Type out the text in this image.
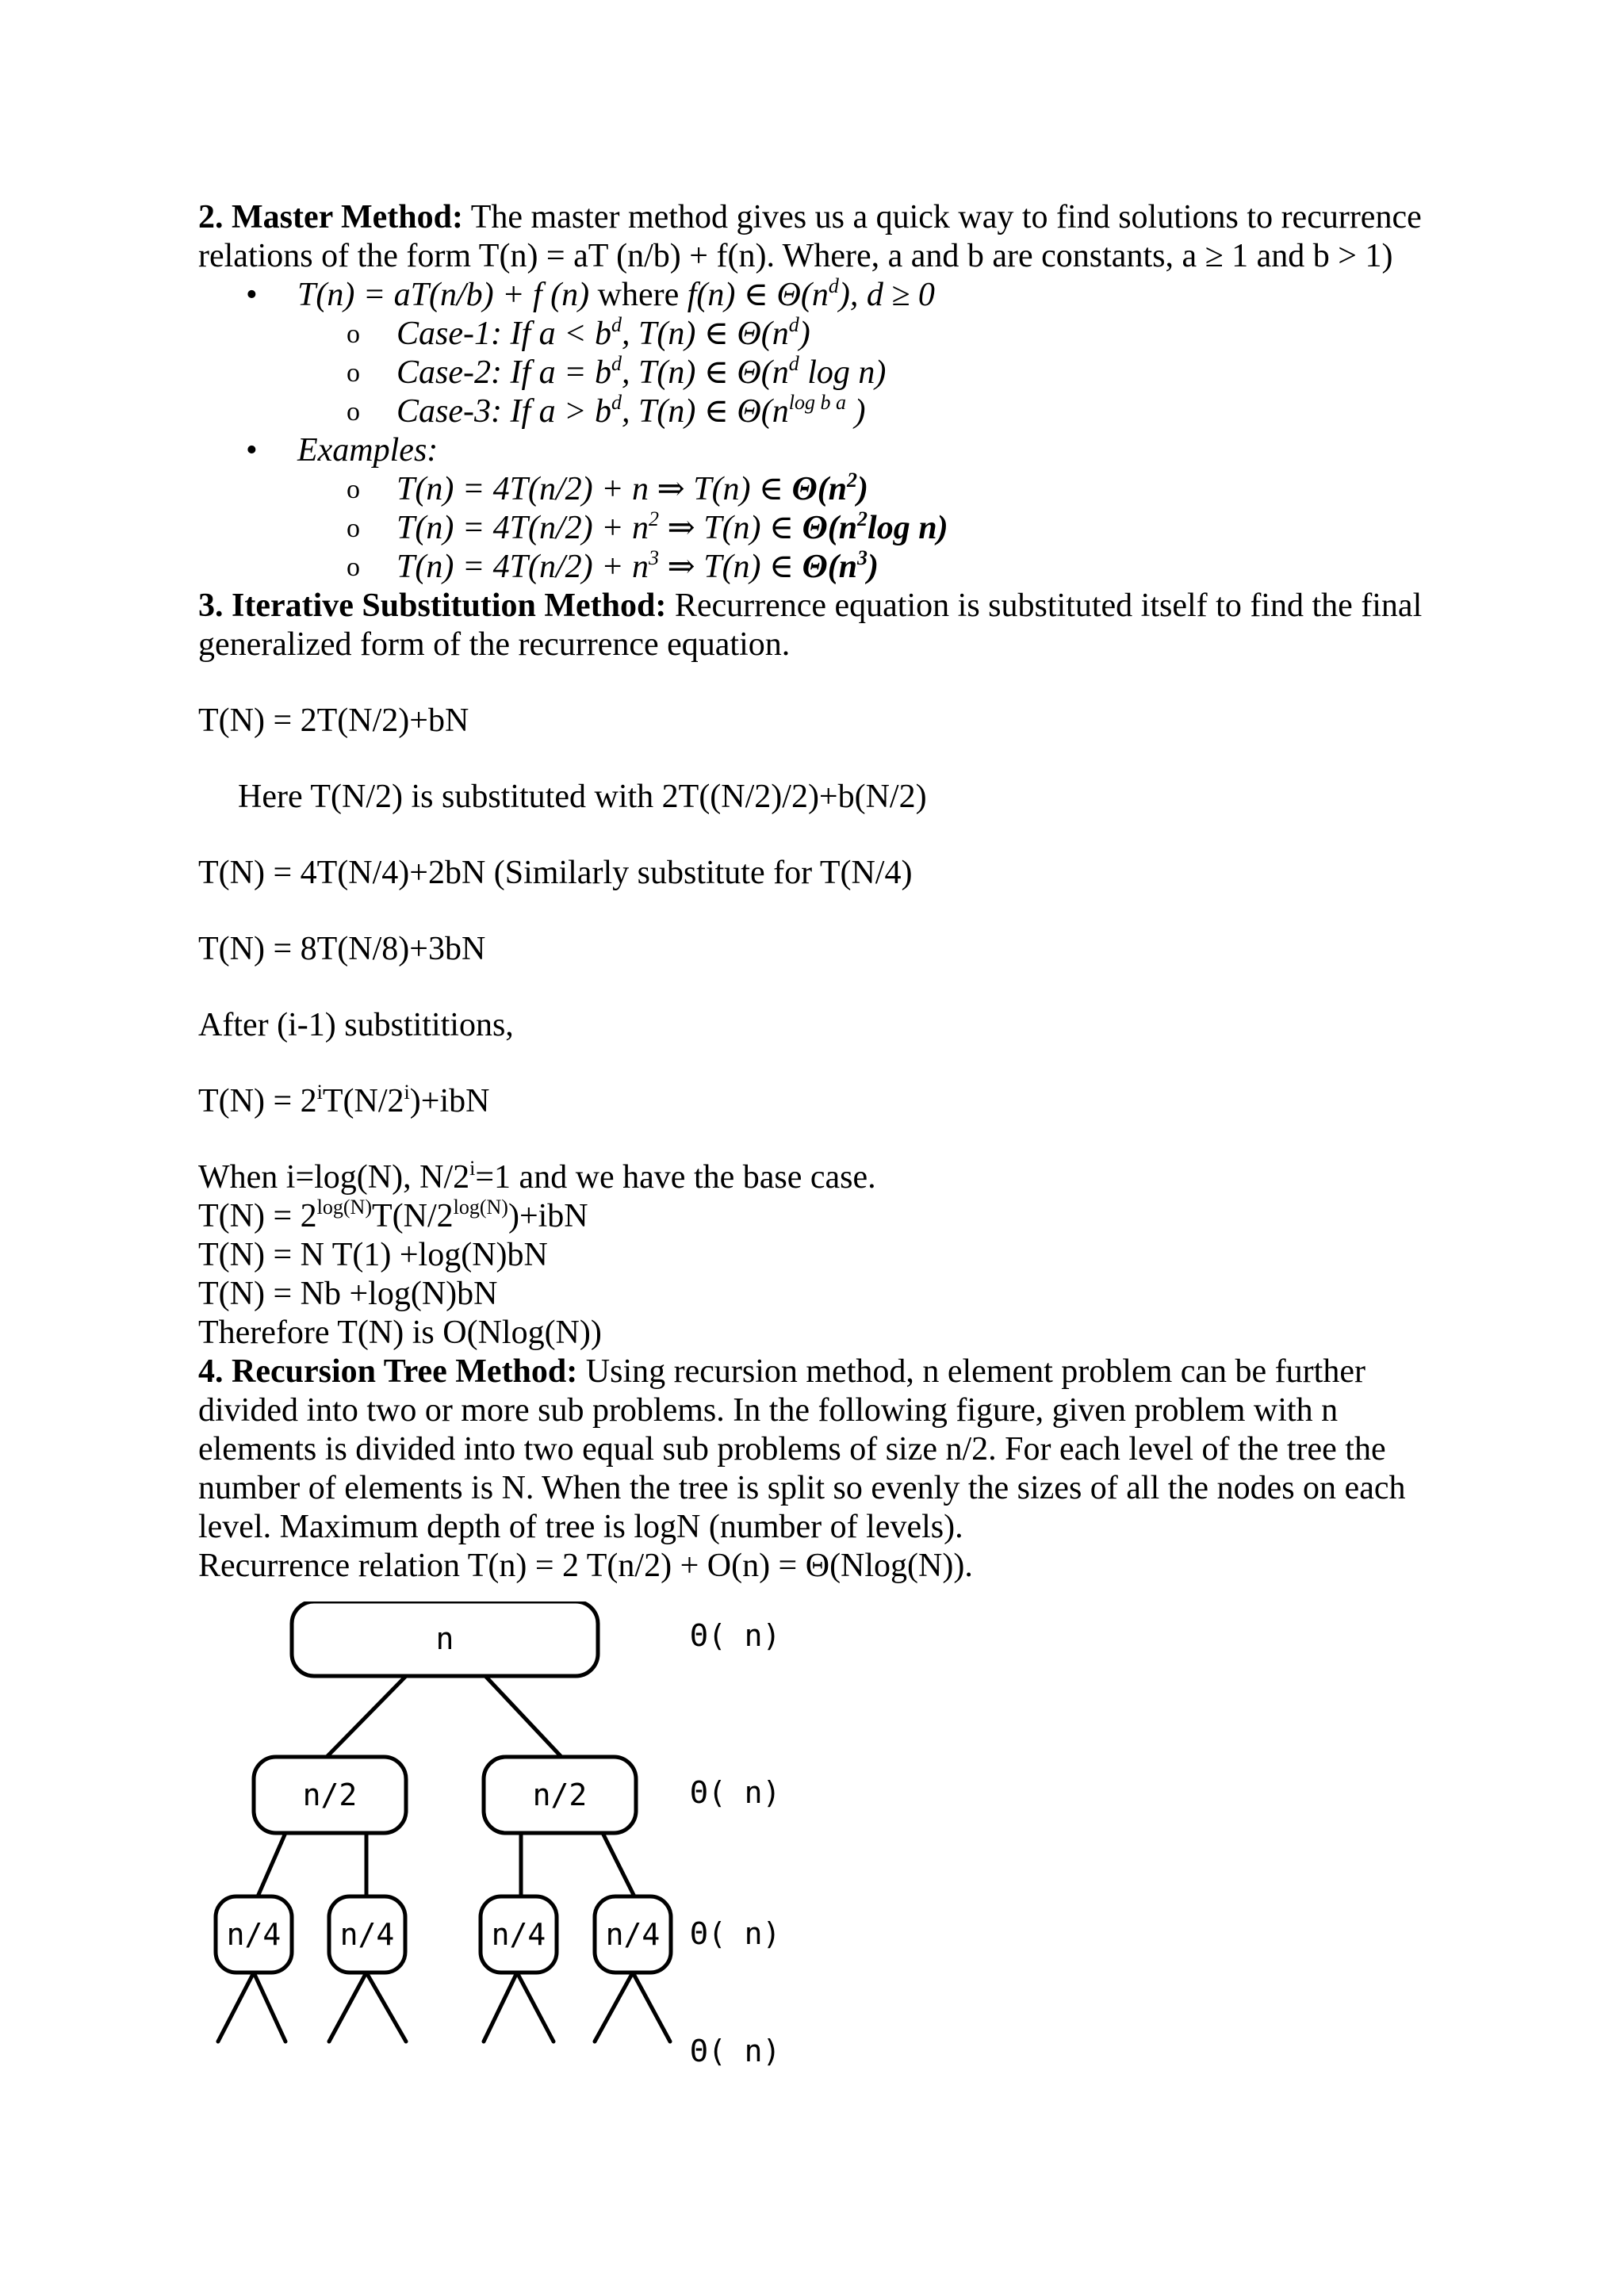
2. Master Method: The master method gives us a quick way to find solutions to recurrence

relations of the form T(n) = aT (n/b) + f(n). Where, a and b are constants, a ≥ 1 and b > 1)

• T(n) = aT(n/b) + f (n) where f(n) ∈ $\Theta(n^d)$, d ≥ 0

o Case-1: If $a < b^d$, T(n) ∈ $\Theta(n^d)$

o Case-2: If $a = b^d$, T(n) ∈ $\Theta(n^d$ log n)

o Case-3: If $a > b^d$, T(n) ∈ $\Theta(n^{log b a}$ )

• Examples:

o T(n) = 4T(n/2) + n ⇒ T(n) ∈ $\Theta(n^2)$

o $T(n) = 4T(n/2) + n^2$ ⇒ T(n) ∈ $\Theta(n^2\log$ n)

o $T(n) = 4T(n/2) + n^3$ ⇒ T(n) ∈ $\Theta(n^3)$

3. Iterative Substitution Method: Recurrence equation is substituted itself to find the final

generalized form of the recurrence equation.

T(N) = 2T(N/2)+bN

Here T(N/2) is substituted with 2T((N/2)/2)+b(N/2)

T(N) = 4T(N/4)+2bN (Similarly substitute for T(N/4)

T(N) = 8T(N/8)+3bN

After (i-1) substititions,

$T(N) = 2^iT(N/2^i)+ibN$

When i=log(N), $N/2^i=1$ and we have the base case.

$T(N) = 2^{log(N)}T(N/2^{log(N)})+ibN$

T(N) = N T(1) +log(N)bN

T(N) = Nb +log(N)bN

Therefore T(N) is O(Nlog(N))

4. Recursion Tree Method: Using recursion method, n element problem can be further

divided into two or more sub problems. In the following figure, given problem with n

elements is divided into two equal sub problems of size n/2. For each level of the tree the

number of elements is N. When the tree is split so evenly the sizes of all the nodes on each

level. Maximum depth of tree is logN (number of levels).

Recurrence relation T(n) = 2 T(n/2) + O(n) = Θ(Nlog(N)).

n
n/2	n/2
n/4 n/4	n/4 n/4
Θ( n)
Θ( n)
Θ( n)
Θ( n)
